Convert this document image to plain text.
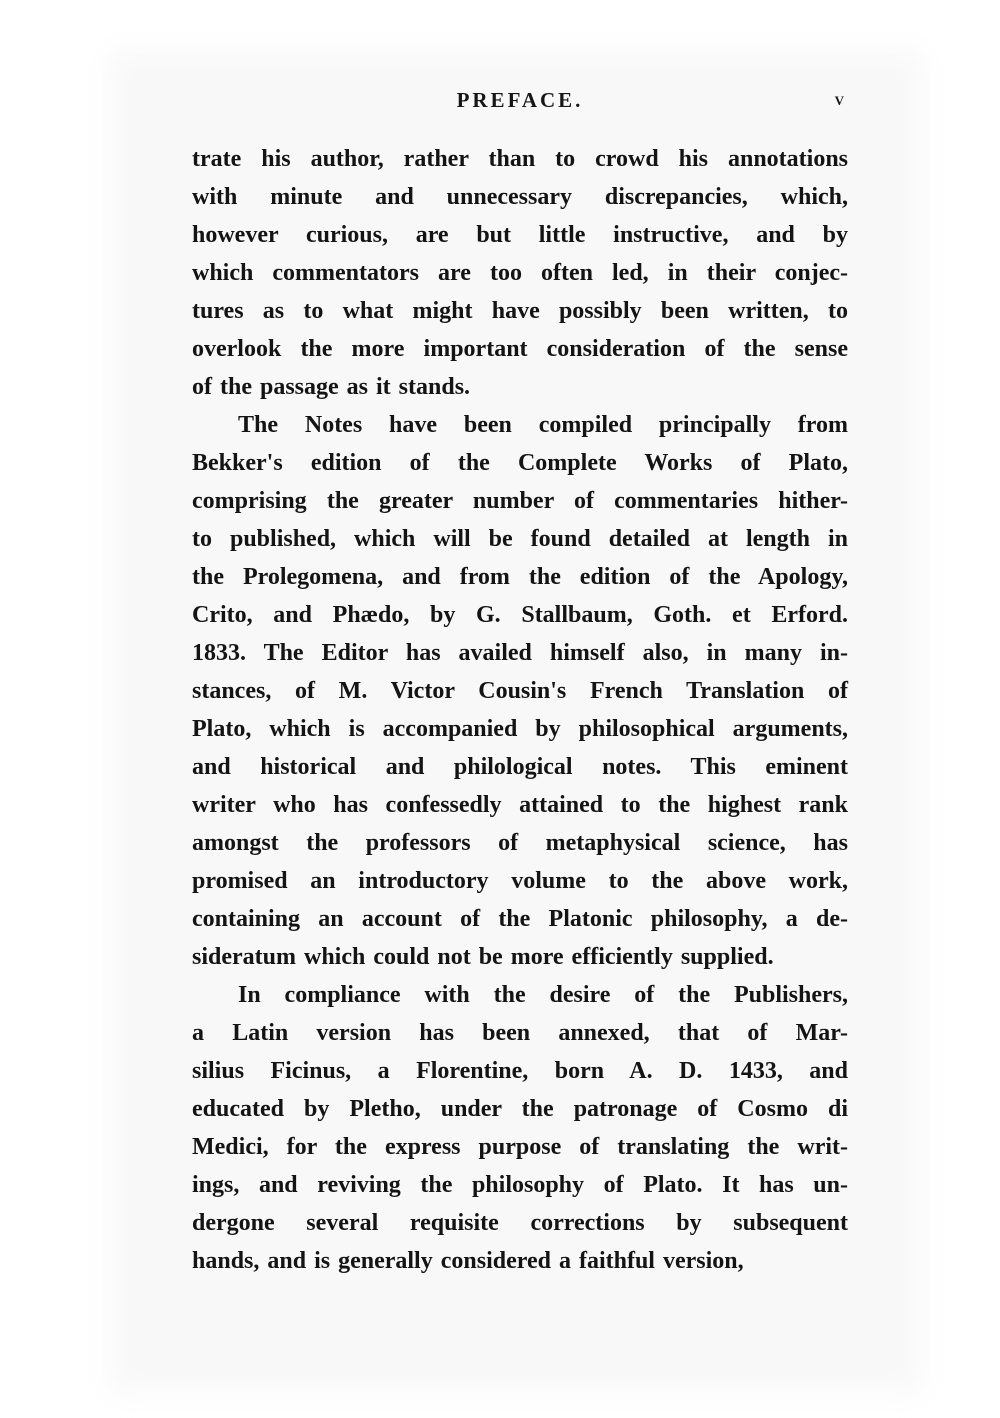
PREFACE.	v
trate his author, rather than to crowd his annotations
with minute and unnecessary discrepancies, which,
however curious, are but little instructive, and by
which commentators are too often led, in their conjec-
tures as to what might have possibly been written, to
overlook the more important consideration of the sense
of the passage as it stands.
The Notes have been compiled principally from
Bekker's edition of the Complete Works of Plato,
comprising the greater number of commentaries hither-
to published, which will be found detailed at length in
the Prolegomena, and from the edition of the Apology,
Crito, and Phædo, by G. Stallbaum, Goth. et Erford.
1833. The Editor has availed himself also, in many in-
stances, of M. Victor Cousin's French Translation of
Plato, which is accompanied by philosophical arguments,
and historical and philological notes. This eminent
writer who has confessedly attained to the highest rank
amongst the professors of metaphysical science, has
promised an introductory volume to the above work,
containing an account of the Platonic philosophy, a de-
sideratum which could not be more efficiently supplied.
In compliance with the desire of the Publishers,
a Latin version has been annexed, that of Mar-
silius Ficinus, a Florentine, born A. D. 1433, and
educated by Pletho, under the patronage of Cosmo di
Medici, for the express purpose of translating the writ-
ings, and reviving the philosophy of Plato. It has un-
dergone several requisite corrections by subsequent
hands, and is generally considered a faithful version,
